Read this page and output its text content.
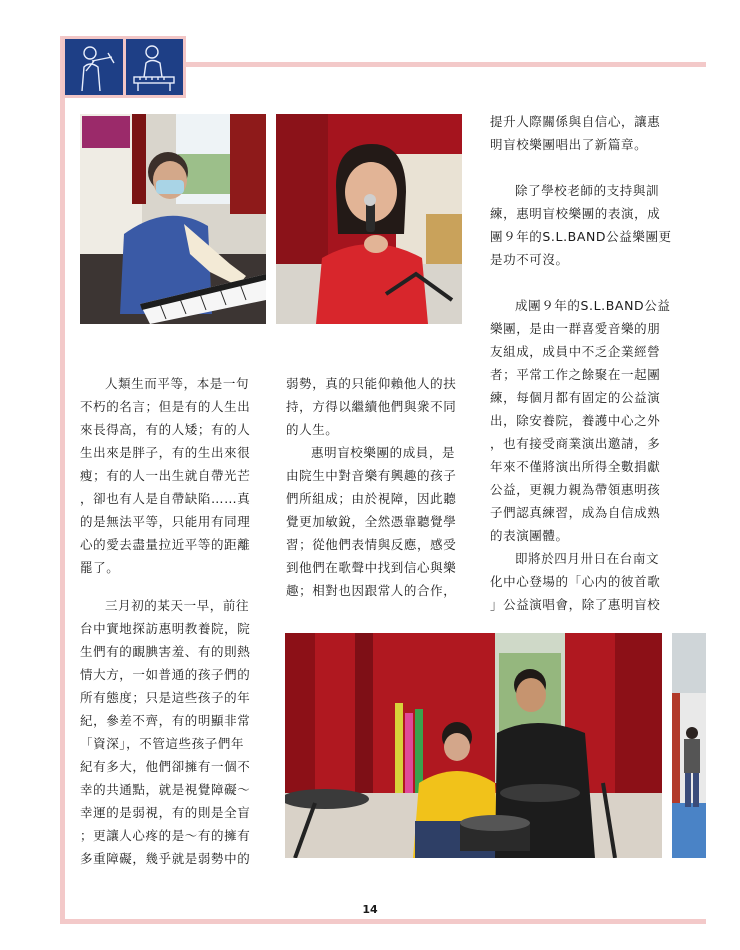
人類生而平等，本是一句

不朽的名言；但是有的人生出

來長得高，有的人矮；有的人

生出來是胖子，有的生出來很

瘦；有的人一出生就自帶光芒

，卻也有人是自帶缺陷……真

的是無法平等，只能用有同理

心的愛去盡量拉近平等的距離

罷了。

三月初的某天一早，前往

台中實地探訪惠明教養院，院

生們有的靦腆害羞、有的則熱

情大方，一如普通的孩子們的

所有態度；只是這些孩子的年

紀，參差不齊，有的明顯非常

「資深」，不管這些孩子們年

紀有多大，他們卻擁有一個不

幸的共通點，就是視覺障礙～

幸運的是弱視，有的則是全盲

；更讓人心疼的是～有的擁有

多重障礙，幾乎就是弱勢中的

弱勢，真的只能仰賴他人的扶

持，方得以繼續他們與衆不同

的人生。

惠明盲校樂團的成員，是

由院生中對音樂有興趣的孩子

們所組成；由於視障，因此聽

覺更加敏銳，全然憑靠聽覺學

習；從他們表情與反應，感受

到他們在歌聲中找到信心與樂

趣；相對也因跟常人的合作，

提升人際關係與自信心，讓惠

明盲校樂團唱出了新篇章。

除了學校老師的支持與訓

練，惠明盲校樂團的表演，成

團９年的S.L.BAND公益樂團更

是功不可沒。

成團９年的S.L.BAND公益

樂團，是由一群喜愛音樂的朋

友組成，成員中不乏企業經營

者；平常工作之餘聚在一起團

練，每個月都有固定的公益演

出，除安養院，養護中心之外

，也有接受商業演出邀請，多

年來不僅將演出所得全數捐獻

公益，更親力親為帶領惠明孩

子們認真練習，成為自信成熟

的表演團體。

即將於四月卅日在台南文

化中心登場的「心内的彼首歌

」公益演唱會，除了惠明盲校

14
